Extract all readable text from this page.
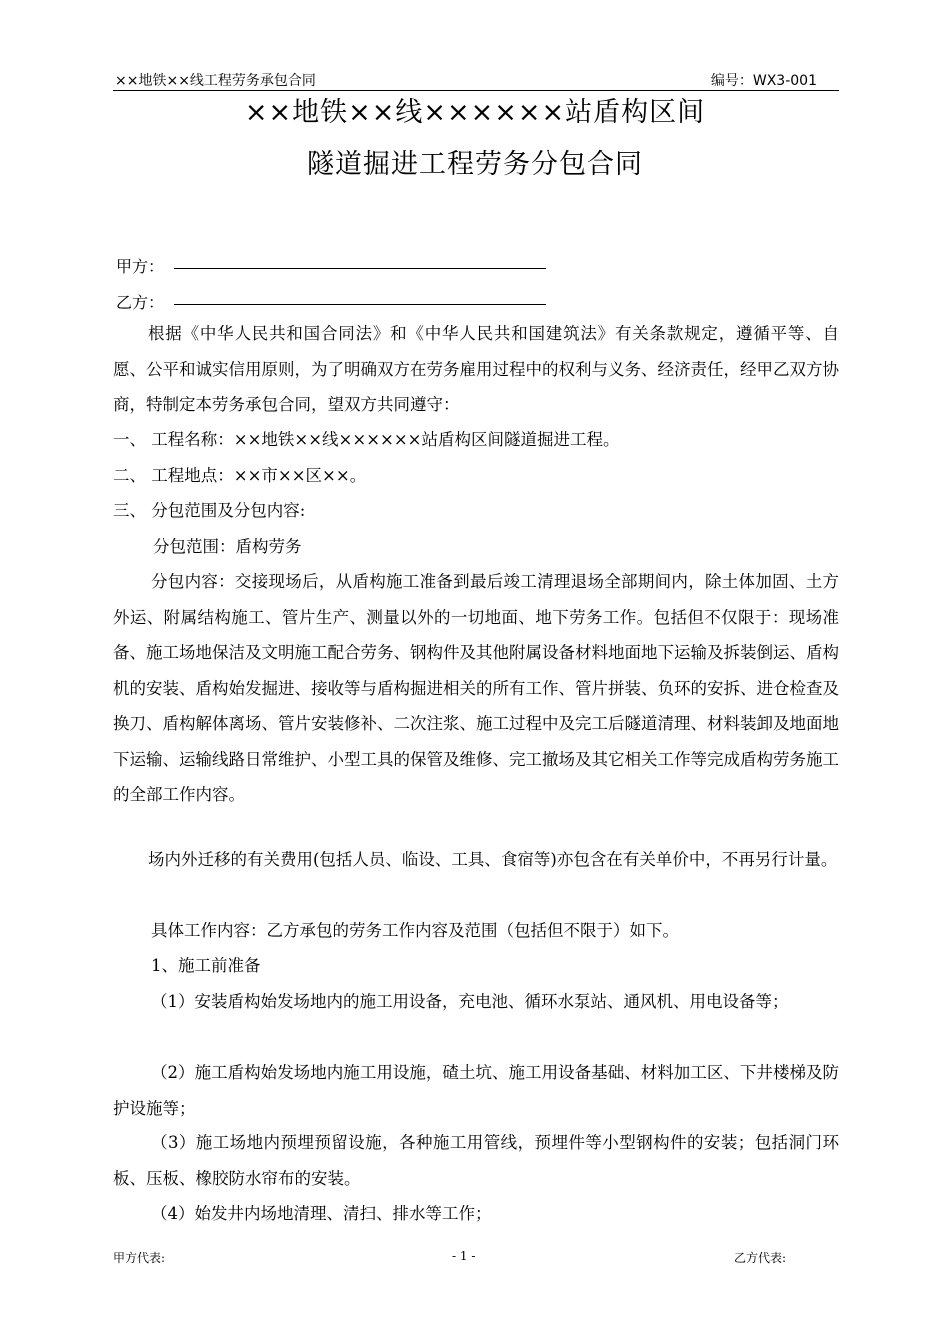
××地铁××线工程劳务承包合同	编号：WX3-001
××地铁××线××××××站盾构区间
隧道掘进工程劳务分包合同
甲方：
乙方：

根据《中华人民共和国合同法》和《中华人民共和国建筑法》有关条款规定，遵循平等、自愿、公平和诚实信用原则，为了明确双方在劳务雇用过程中的权利与义务、经济责任，经甲乙双方协商，特制定本劳务承包合同，望双方共同遵守：

一、 工程名称：××地铁××线××××××站盾构区间隧道掘进工程。

二、 工程地点：××市××区××。

三、 分包范围及分包内容:

分包范围：盾构劳务

分包内容：交接现场后，从盾构施工准备到最后竣工清理退场全部期间内，除土体加固、土方外运、附属结构施工、管片生产、测量以外的一切地面、地下劳务工作。包括但不仅限于：现场准备、施工场地保洁及文明施工配合劳务、钢构件及其他附属设备材料地面地下运输及拆装倒运、盾构机的安装、盾构始发掘进、接收等与盾构掘进相关的所有工作、管片拼装、负环的安拆、进仓检查及换刀、盾构解体离场、管片安装修补、二次注浆、施工过程中及完工后隧道清理、材料装卸及地面地下运输、运输线路日常维护、小型工具的保管及维修、完工撤场及其它相关工作等完成盾构劳务施工的全部工作内容。

场内外迁移的有关费用(包括人员、临设、工具、食宿等)亦包含在有关单价中，不再另行计量。

具体工作内容：乙方承包的劳务工作内容及范围（包括但不限于）如下。

1、施工前准备

（1）安装盾构始发场地内的施工用设备，充电池、循环水泵站、通风机、用电设备等；

（2）施工盾构始发场地内施工用设施，碴土坑、施工用设备基础、材料加工区、下井楼梯及防护设施等；

（3）施工场地内预埋预留设施，各种施工用管线，预埋件等小型钢构件的安装；包括洞门环板、压板、橡胶防水帘布的安装。

（4）始发井内场地清理、清扫、排水等工作；

甲方代表:	- 1 -	乙方代表:
